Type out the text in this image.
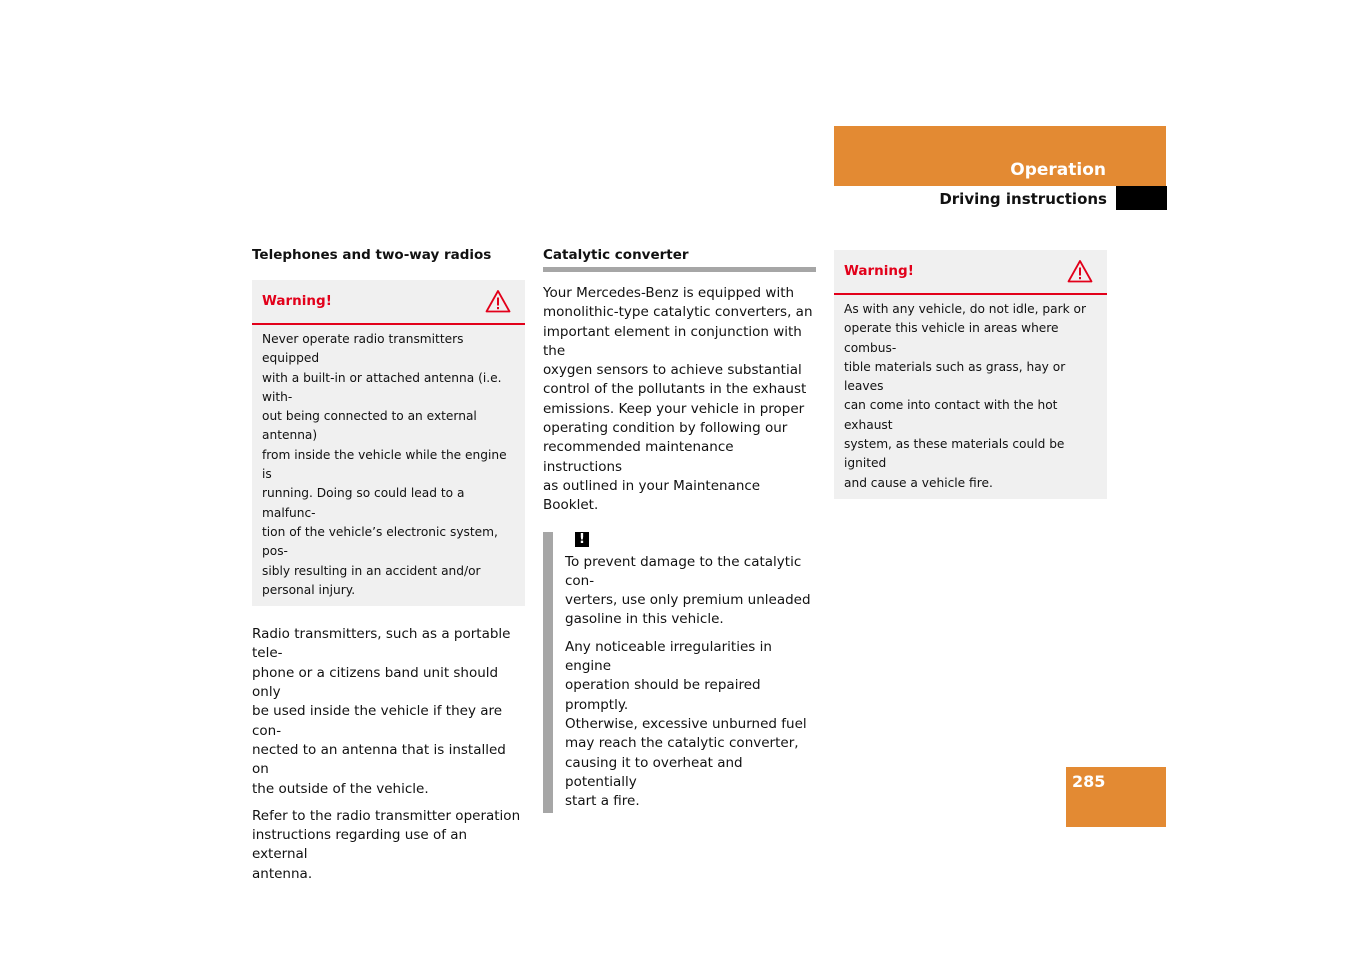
Operation
Driving instructions
Telephones and two-way radios
Warning!
Never operate radio transmitters equipped
with a built-in or attached antenna (i.e. with-
out being connected to an external antenna)
from inside the vehicle while the engine is
running. Doing so could lead to a malfunc-
tion of the vehicle’s electronic system, pos-
sibly resulting in an accident and/or
personal injury.

Radio transmitters, such as a portable tele-
phone or a citizens band unit should only
be used inside the vehicle if they are con-
nected to an antenna that is installed on
the outside of the vehicle.

Refer to the radio transmitter operation
instructions regarding use of an external
antenna.

Catalytic converter

Your Mercedes-Benz is equipped with
monolithic-type catalytic converters, an
important element in conjunction with the
oxygen sensors to achieve substantial
control of the pollutants in the exhaust
emissions. Keep your vehicle in proper
operating condition by following our
recommended maintenance instructions
as outlined in your Maintenance Booklet.

!

To prevent damage to the catalytic con-
verters, use only premium unleaded
gasoline in this vehicle.

Any noticeable irregularities in engine
operation should be repaired promptly.
Otherwise, excessive unburned fuel
may reach the catalytic converter,
causing it to overheat and potentially
start a fire.

Warning!
As with any vehicle, do not idle, park or
operate this vehicle in areas where combus-
tible materials such as grass, hay or leaves
can come into contact with the hot exhaust
system, as these materials could be ignited
and cause a vehicle fire.
285
